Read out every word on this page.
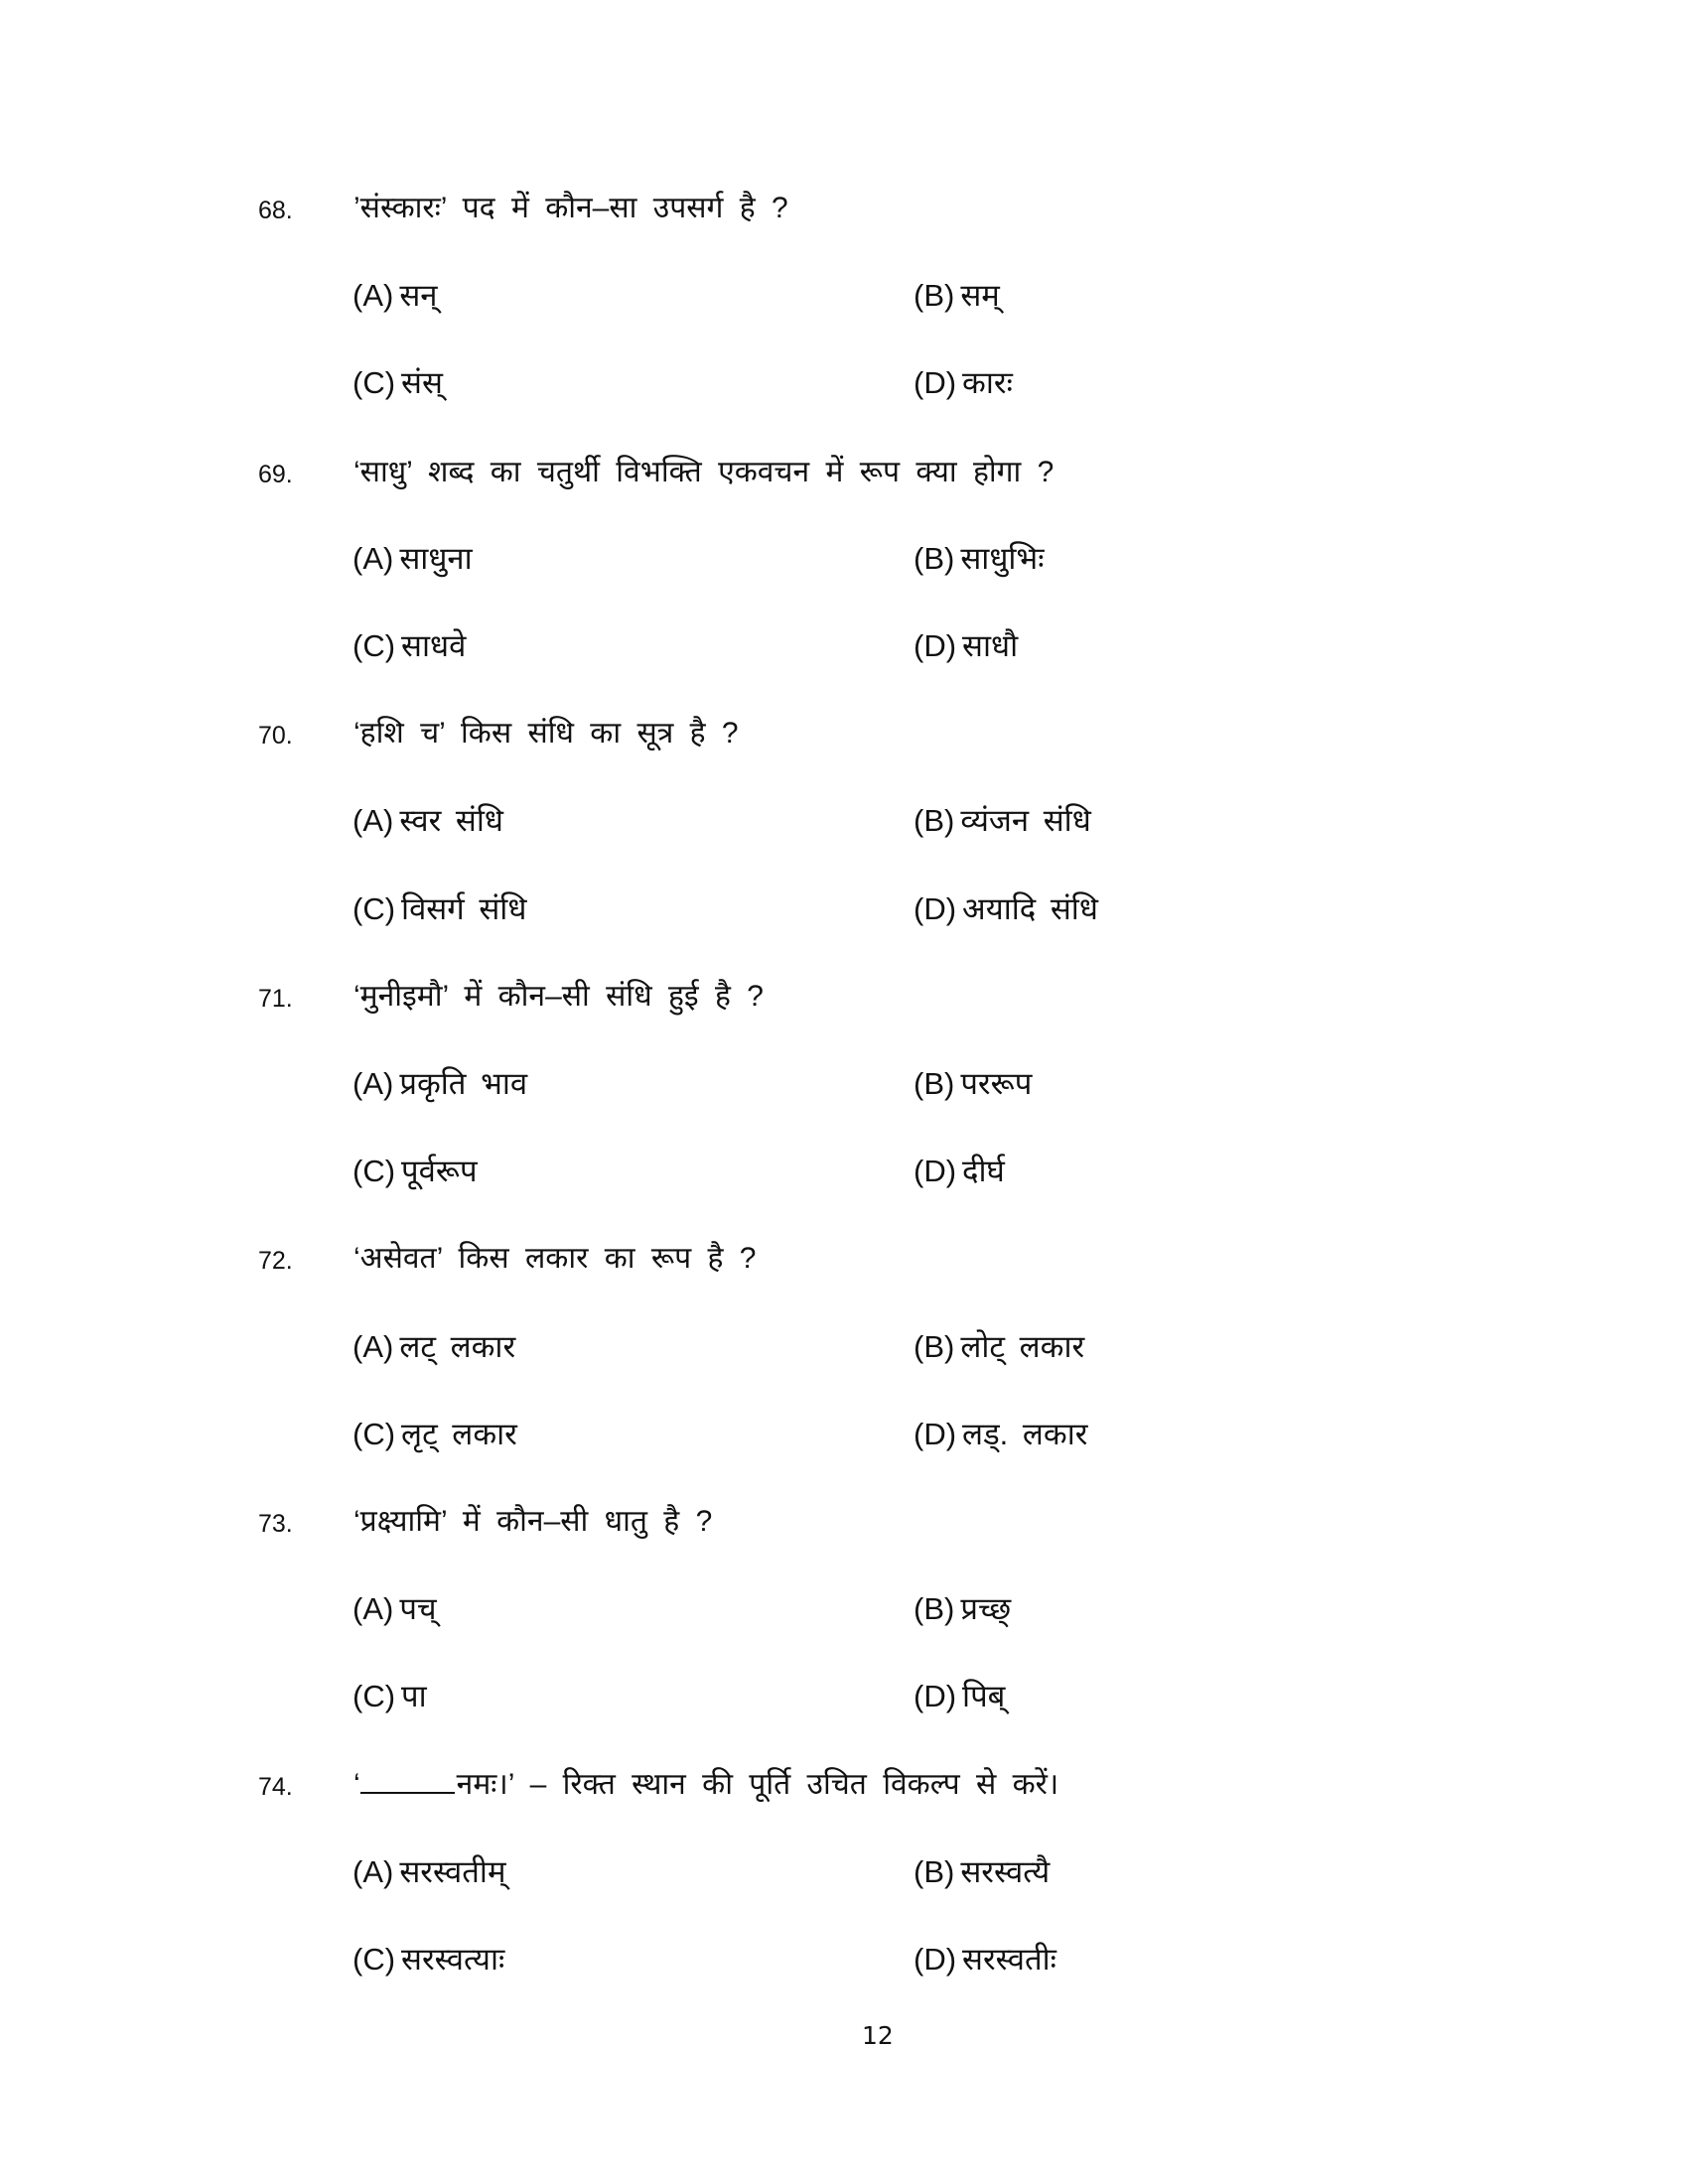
68. ’संस्कारः’ पद में कौन–सा उपसर्ग है ?
(A) सन्	(B) सम्
(C) संस्	(D) कारः
69. ‘साधु’ शब्द का चतुर्थी विभक्ति एकवचन में रूप क्या होगा ?
(A) साधुना	(B) साधुभिः
(C) साधवे	(D) साधौ
70. ‘हशि च’ किस संधि का सूत्र है ?
(A) स्वर संधि	(B) व्यंजन संधि
(C) विसर्ग संधि	(D) अयादि संधि
71. ‘मुनीइमौ’ में कौन–सी संधि हुई है ?
(A) प्रकृति भाव	(B) पररूप
(C) पूर्वरूप	(D) दीर्घ
72. ‘असेवत’ किस लकार का रूप है ?
(A) लट् लकार	(B) लोट् लकार
(C) लृट् लकार	(D) लड्. लकार
73. ‘प्रक्ष्यामि’ में कौन–सी धातु है ?
(A) पच्	(B) प्रच्छ्
(C) पा	(D) पिब्
74. ‘	नमः।’ – रिक्त स्थान की पूर्ति उचित विकल्प से करें।
(A) सरस्वतीम्	(B) सरस्वत्यै
(C) सरस्वत्याः	(D) सरस्वतीः
12
